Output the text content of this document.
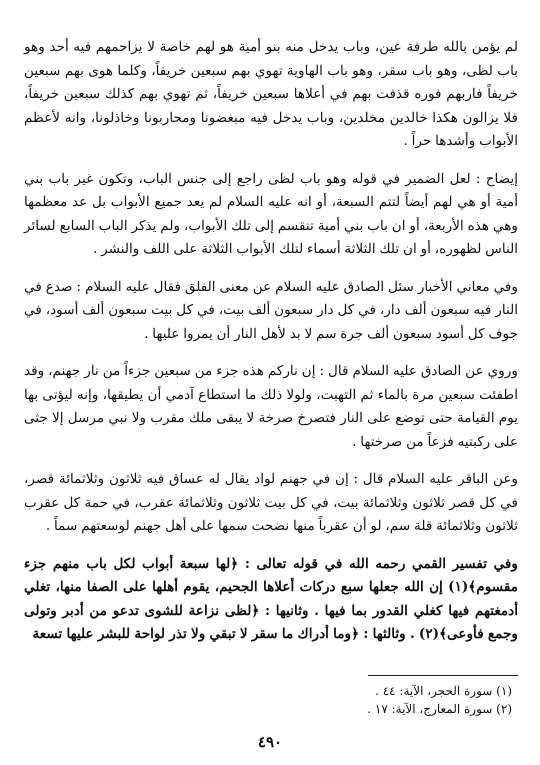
لم يؤمن بالله طرفة عين، وباب يدخل منه بنو أمية هو لهم خاصة لا يزاحمهم فيه أحد وهو باب لظى، وهو باب سقر، وهو باب الهاوية تهوي بهم سبعين خريفاً، وكلما هوى بهم سبعين خريفاً فاربهم فوره قذفت بهم في أعلاها سبعين خريفاً، ثم تهوي بهم كذلك سبعين خريفاً، فلا يزالون هكذا خالدين مخلدين، وباب يدخل فيه مبغضونا ومحاربونا وخاذلونا، وانه لأعظم الأبواب وأشدها حراً .

إيضاح : لعل الضمير في قوله وهو باب لظى راجع إلى جنس الباب، وتكون غير باب بني أمية أو هي لهم أيضاً لتتم السبعة، أو انه عليه السلام لم يعد جميع الأبواب بل عد معظمها وهي هذه الأربعة، أو ان باب بني أمية تنقسم إلى تلك الأبواب، ولم يذكر الباب السابع لسائر الناس لظهوره، أو ان تلك الثلاثة أسماء لتلك الأبواب الثلاثة على اللف والنشر .

وفي معاني الأخبار سئل الصادق عليه السلام عن معنى الفلق فقال عليه السلام : صدع في النار فيه سبعون ألف دار، في كل دار سبعون ألف بيت، في كل بيت سبعون ألف أسود، في جوف كل أسود سبعون ألف جرة سم لا بد لأهل النار أن يمروا عليها .

وروي عن الصادق عليه السلام قال : إن ناركم هذه جزء من سبعين جزءاً من نار جهنم، وقد اطفئت سبعين مرة بالماء ثم التهبت، ولولا ذلك ما استطاع آدمي أن يطيقها، وإنه ليؤتى بها يوم القيامة حتى توضع على النار فتصرخ صرخة لا يبقى ملك مقرب ولا نبي مرسل إلا جثى على ركبتيه فزعاً من صرختها .

وعن الباقر عليه السلام قال : إن في جهنم لواد يقال له عساق فيه ثلاثون وثلاثمائة قصر، في كل قصر ثلاثون وثلاثمائة بيت، في كل بيت ثلاثون وثلاثمائة عقرب، في حمة كل عقرب ثلاثون وثلاثمائة قلة سم، لو أن عقرباً منها نضحت سمها على أهل جهنم لوسعتهم سماً .

وفي تفسير القمي رحمه الله في قوله تعالى : ﴿لها سبعة أبواب لكل باب منهم جزء مقسوم﴾(١) إن الله جعلها سبع دركات أعلاها الجحيم، يقوم أهلها على الصفا منها، تغلي أدمغتهم فيها كغلي القدور بما فيها . وثانيها : ﴿لظى نزاعة للشوى تدعو من أدبر وتولى وجمع فأوعى﴾(٢) . وثالثها : ﴿وما أدراك ما سقر لا تبقي ولا تذر لواحة للبشر عليها تسعة

(١) سورة الحجر، الآية: ٤٤ .
(٢) سورة المعارج، الآية: ١٧ .
٤٩٠
